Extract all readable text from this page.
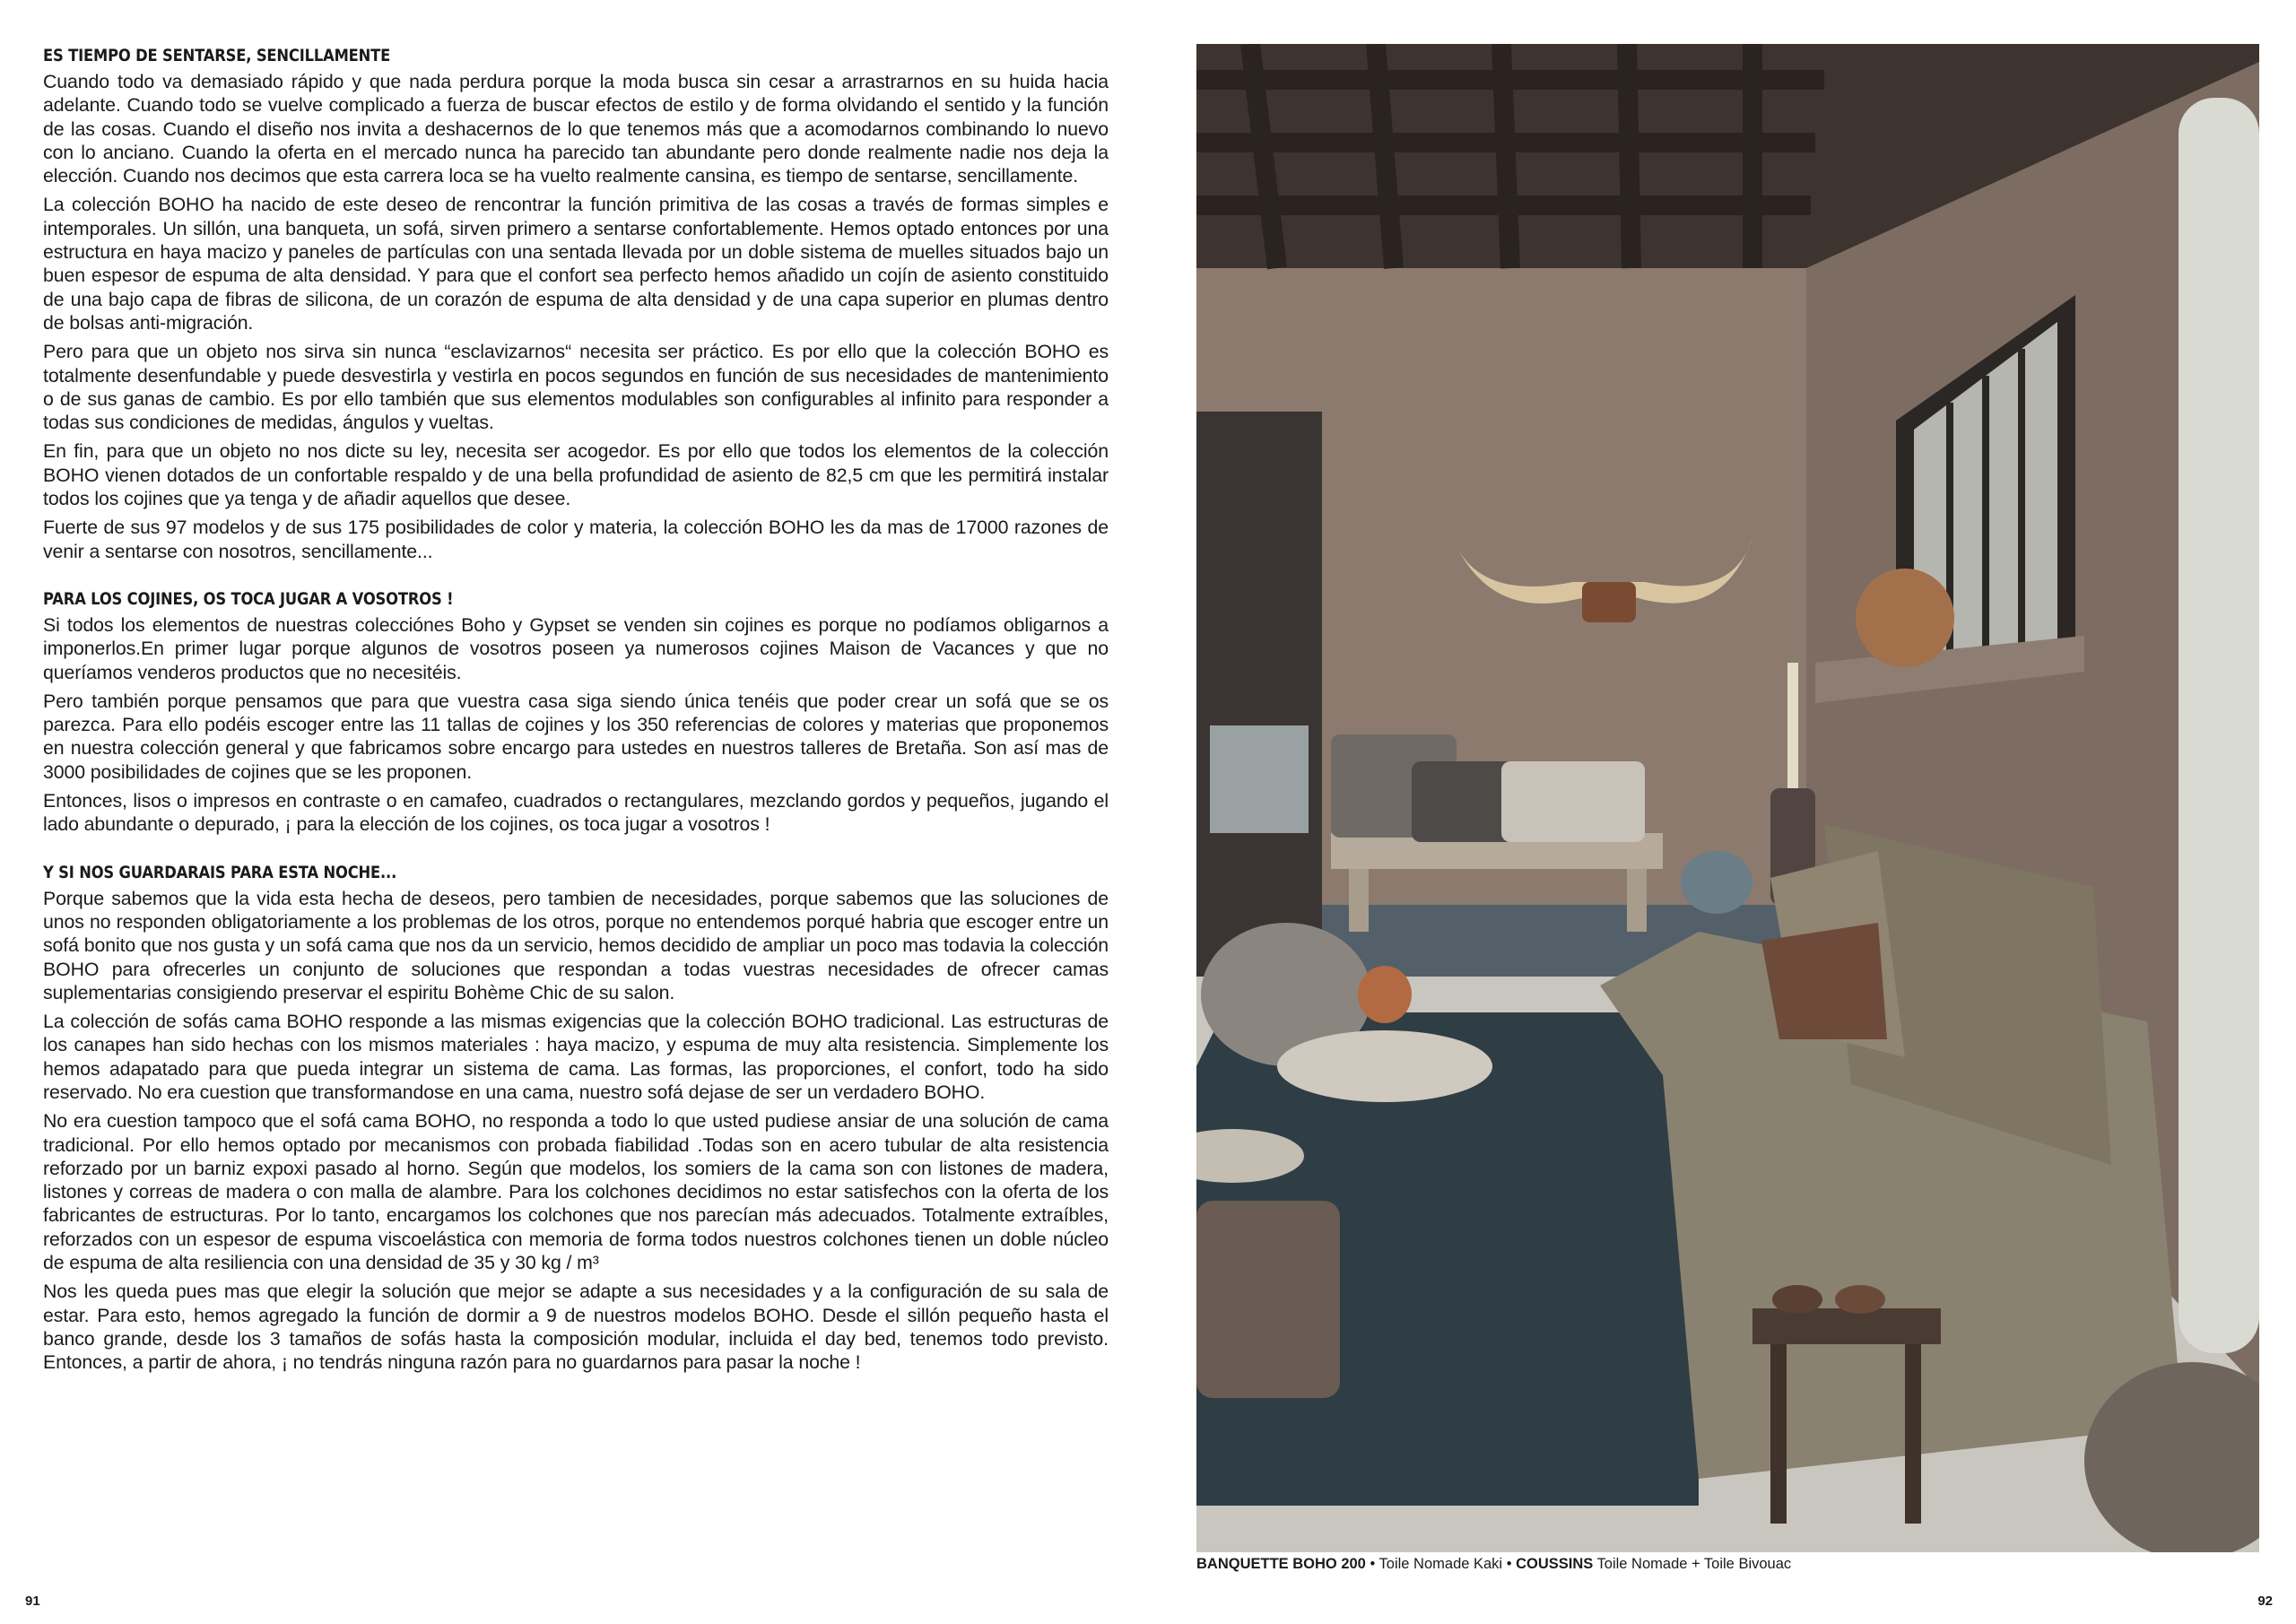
ES TIEMPO DE SENTARSE, SENCILLAMENTE

Cuando todo va demasiado rápido y que nada perdura porque la moda busca sin cesar a arrastrarnos en su huida hacia adelante. Cuando todo se vuelve complicado a fuerza de buscar efectos de estilo y de forma olvidando el sentido y la función de las cosas. Cuando el diseño nos invita a deshacernos de lo que tenemos más que a acomodarnos combinando lo nuevo con lo anciano. Cuando la oferta en el mercado nunca ha parecido tan abundante pero donde realmente nadie nos deja la elección. Cuando nos decimos que esta carrera loca se ha vuelto realmente cansina, es tiempo de sentarse, sencillamente.

La colección BOHO ha nacido de este deseo de rencontrar la función primitiva de las cosas a través de formas simples e intemporales. Un sillón, una banqueta, un sofá, sirven primero a sentarse confortablemente. Hemos optado entonces por una estructura en haya macizo y paneles de partículas con una sentada llevada por un doble sistema de muelles situados bajo un buen espesor de espuma de alta densidad. Y para que el confort sea perfecto hemos añadido un cojín de asiento constituido de una bajo capa de fibras de silicona, de un corazón de espuma de alta densidad y de una capa superior en plumas dentro de bolsas anti-migración.

Pero para que un objeto nos sirva sin nunca “esclavizarnos“ necesita ser práctico. Es por ello que la colección BOHO es totalmente desenfundable y puede desvestirla y vestirla en pocos segundos en función de sus necesidades de mantenimiento o de sus ganas de cambio. Es por ello también que sus elementos modulables son configurables al infinito para responder a todas sus condiciones de medidas, ángulos y vueltas.

En fin, para que un objeto no nos dicte su ley, necesita ser acogedor. Es por ello que todos los elementos de la colección BOHO vienen dotados de un confortable respaldo y de una bella profundidad de asiento de 82,5 cm que les permitirá instalar todos los cojines que ya tenga y de añadir aquellos que desee.

Fuerte de sus 97 modelos y de sus 175 posibilidades de color y materia, la colección BOHO les da mas de 17000 razones de venir a sentarse con nosotros, sencillamente...

PARA LOS COJINES, OS TOCA JUGAR A VOSOTROS !

Si todos los elementos de nuestras colecciónes Boho y Gypset se venden sin cojines es porque no podíamos obligarnos a imponerlos.En primer lugar porque algunos de vosotros poseen ya numerosos cojines Maison de Vacances y que no queríamos venderos productos que no necesitéis.

Pero también porque pensamos que para que vuestra casa siga siendo única tenéis que poder crear un sofá que se os parezca. Para ello podéis escoger entre las 11 tallas de cojines y los 350 referencias de colores y materias que proponemos en nuestra colección general y que fabricamos sobre encargo para ustedes en nuestros talleres de Bretaña. Son así mas de 3000 posibilidades de cojines que se les proponen.

Entonces, lisos o impresos en contraste o en camafeo, cuadrados o rectangulares, mezclando gordos y pequeños, jugando el lado abundante o depurado, ¡ para la elección de los cojines, os toca jugar a vosotros !

Y SI NOS GUARDARAIS PARA ESTA NOCHE...

Porque sabemos que la vida esta hecha de deseos, pero tambien de necesidades, porque sabemos que las soluciones de unos no responden obligatoriamente a los problemas de los otros, porque no entendemos porqué habria que escoger entre un sofá bonito que nos gusta y un sofá cama que nos da un servicio, hemos decidido de ampliar un poco mas todavia la colección BOHO para ofrecerles un conjunto de soluciones que respondan a todas vuestras necesidades de ofrecer camas suplementarias consigiendo preservar el espiritu Bohème Chic de su salon.

La colección de sofás cama BOHO responde a las mismas exigencias que la colección BOHO tradicional. Las estructuras de los canapes han sido hechas con los mismos materiales : haya macizo, y espuma de muy alta resistencia. Simplemente los hemos adapatado para que pueda integrar un sistema de cama. Las formas, las proporciones, el confort, todo ha sido reservado. No era cuestion que transformandose en una cama, nuestro sofá dejase de ser un verdadero BOHO.

No era cuestion tampoco que el sofá cama BOHO, no responda a todo lo que usted pudiese ansiar de una solución de cama tradicional. Por ello hemos optado por mecanismos con probada fiabilidad .Todas son en acero tubular de alta resistencia reforzado por un barniz expoxi pasado al horno. Según que modelos, los somiers de la cama son con listones de madera, listones y correas de madera o con malla de alambre. Para los colchones decidimos no estar satisfechos con la oferta de los fabricantes de estructuras. Por lo tanto, encargamos los colchones que nos parecían más adecuados. Totalmente extraíbles, reforzados con un espesor de espuma viscoelástica con memoria de forma todos nuestros colchones tienen un doble núcleo de espuma de alta resiliencia con una densidad de 35 y 30 kg / m³

Nos les queda pues mas que elegir la solución que mejor se adapte a sus necesidades y a la configuración de su sala de estar. Para esto, hemos agregado la función de dormir a 9 de nuestros modelos BOHO. Desde el sillón pequeño hasta el banco grande, desde los 3 tamaños de sofás hasta la composición modular, incluida el day bed, tenemos todo previsto. Entonces, a partir de ahora, ¡ no tendrás ninguna razón para no guardarnos para pasar la noche !

BANQUETTE BOHO 200 • Toile Nomade Kaki • COUSSINS Toile Nomade + Toile Bivouac
91	92
